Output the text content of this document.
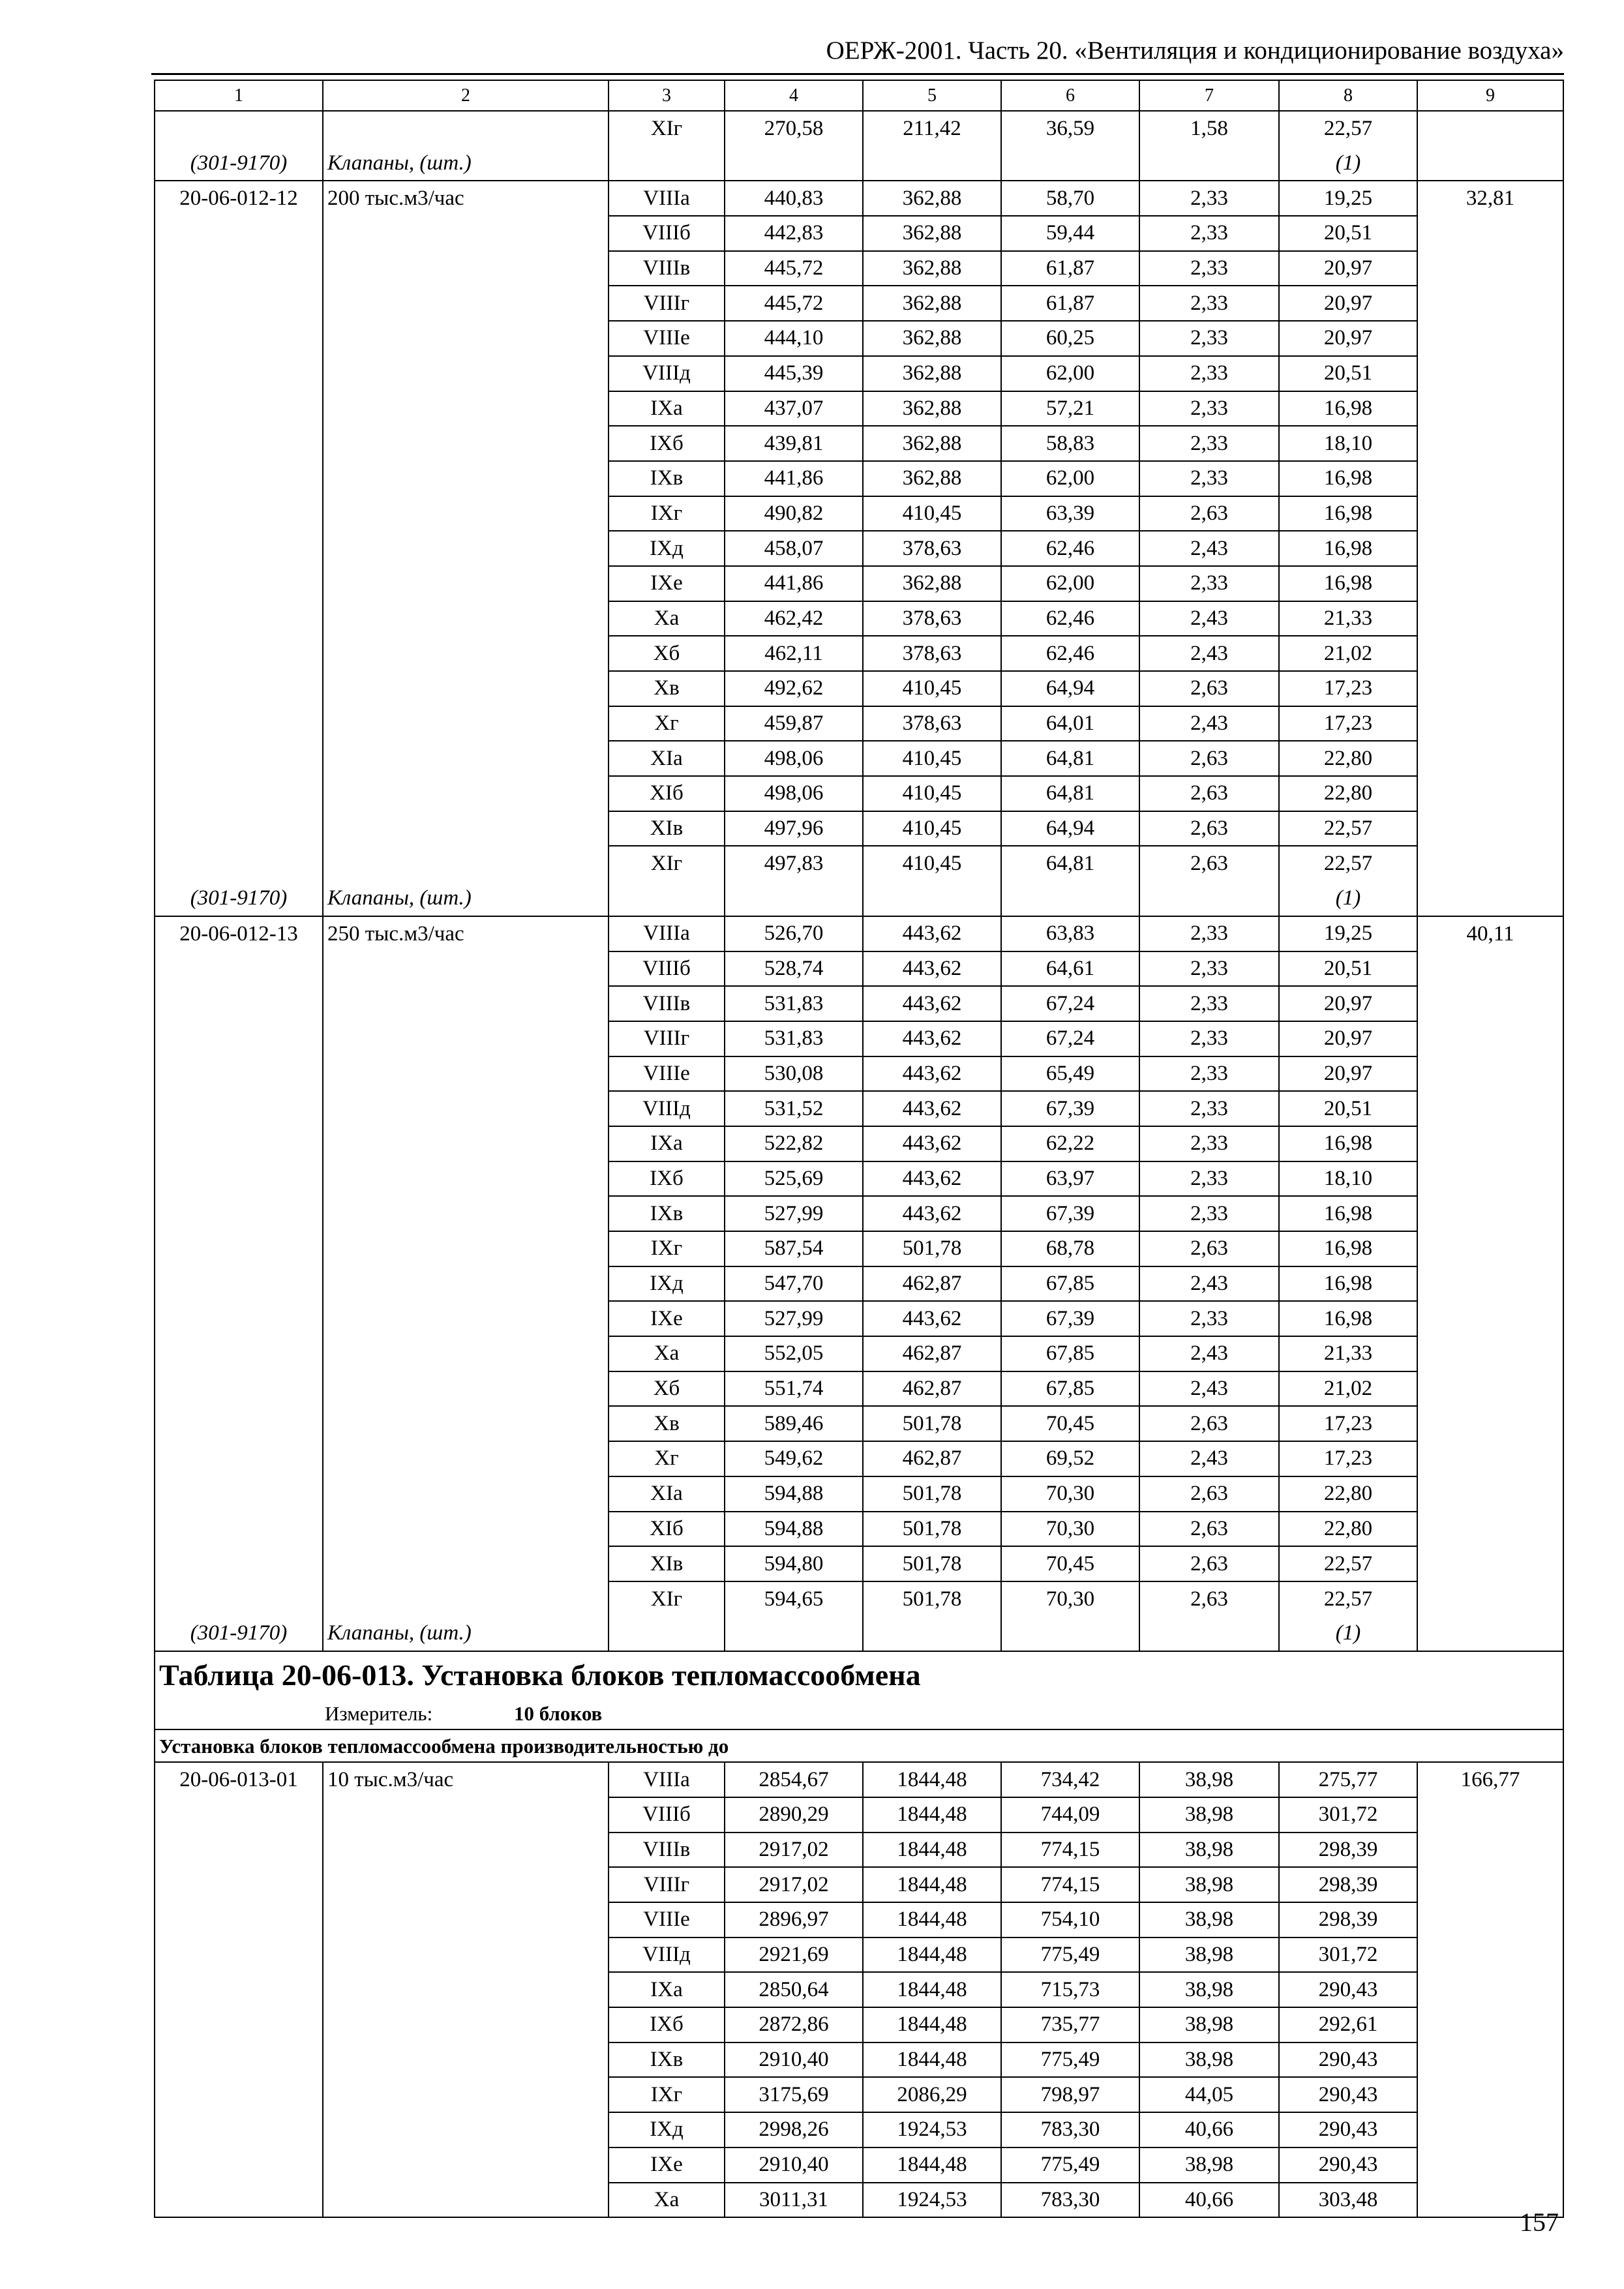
ОЕРЖ-2001. Часть 20. «Вентиляция и кондиционирование воздуха»
1	2	3	4	5	6	7	8	9
		XIг	270,58	211,42	36,59	1,58	22,57	
(301-9170)	Клапаны, (шт.)						(1)	
20-06-012-12	200 тыс.м3/час	VIIIа	440,83	362,88	58,70	2,33	19,25	32,81
		VIIIб	442,83	362,88	59,44	2,33	20,51	
		VIIIв	445,72	362,88	61,87	2,33	20,97	
		VIIIг	445,72	362,88	61,87	2,33	20,97	
		VIIIе	444,10	362,88	60,25	2,33	20,97	
		VIIIд	445,39	362,88	62,00	2,33	20,51	
		IXа	437,07	362,88	57,21	2,33	16,98	
		IXб	439,81	362,88	58,83	2,33	18,10	
		IXв	441,86	362,88	62,00	2,33	16,98	
		IXг	490,82	410,45	63,39	2,63	16,98	
		IXд	458,07	378,63	62,46	2,43	16,98	
		IXе	441,86	362,88	62,00	2,33	16,98	
		Xа	462,42	378,63	62,46	2,43	21,33	
		Xб	462,11	378,63	62,46	2,43	21,02	
		Xв	492,62	410,45	64,94	2,63	17,23	
		Xг	459,87	378,63	64,01	2,43	17,23	
		XIа	498,06	410,45	64,81	2,63	22,80	
		XIб	498,06	410,45	64,81	2,63	22,80	
		XIв	497,96	410,45	64,94	2,63	22,57	
		XIг	497,83	410,45	64,81	2,63	22,57	
(301-9170)	Клапаны, (шт.)						(1)	
20-06-012-13	250 тыс.м3/час	VIIIа	526,70	443,62	63,83	2,33	19,25	40,11
		VIIIб	528,74	443,62	64,61	2,33	20,51	
		VIIIв	531,83	443,62	67,24	2,33	20,97	
		VIIIг	531,83	443,62	67,24	2,33	20,97	
		VIIIе	530,08	443,62	65,49	2,33	20,97	
		VIIIд	531,52	443,62	67,39	2,33	20,51	
		IXа	522,82	443,62	62,22	2,33	16,98	
		IXб	525,69	443,62	63,97	2,33	18,10	
		IXв	527,99	443,62	67,39	2,33	16,98	
		IXг	587,54	501,78	68,78	2,63	16,98	
		IXд	547,70	462,87	67,85	2,43	16,98	
		IXе	527,99	443,62	67,39	2,33	16,98	
		Xа	552,05	462,87	67,85	2,43	21,33	
		Xб	551,74	462,87	67,85	2,43	21,02	
		Xв	589,46	501,78	70,45	2,63	17,23	
		Xг	549,62	462,87	69,52	2,43	17,23	
		XIа	594,88	501,78	70,30	2,63	22,80	
		XIб	594,88	501,78	70,30	2,63	22,80	
		XIв	594,80	501,78	70,45	2,63	22,57	
		XIг	594,65	501,78	70,30	2,63	22,57	
(301-9170)	Клапаны, (шт.)						(1)	
Таблица 20-06-013. Установка блоков тепломассообмена								
Измеритель: 10 блоков								
Установка блоков тепломассообмена производительностью до								
20-06-013-01	10 тыс.м3/час	VIIIа	2854,67	1844,48	734,42	38,98	275,77	166,77
		VIIIб	2890,29	1844,48	744,09	38,98	301,72	
		VIIIв	2917,02	1844,48	774,15	38,98	298,39	
		VIIIг	2917,02	1844,48	774,15	38,98	298,39	
		VIIIе	2896,97	1844,48	754,10	38,98	298,39	
		VIIIд	2921,69	1844,48	775,49	38,98	301,72	
		IXа	2850,64	1844,48	715,73	38,98	290,43	
		IXб	2872,86	1844,48	735,77	38,98	292,61	
		IXв	2910,40	1844,48	775,49	38,98	290,43	
		IXг	3175,69	2086,29	798,97	44,05	290,43	
		IXд	2998,26	1924,53	783,30	40,66	290,43	
		IXе	2910,40	1844,48	775,49	38,98	290,43	
		Xа	3011,31	1924,53	783,30	40,66	303,48	
157
